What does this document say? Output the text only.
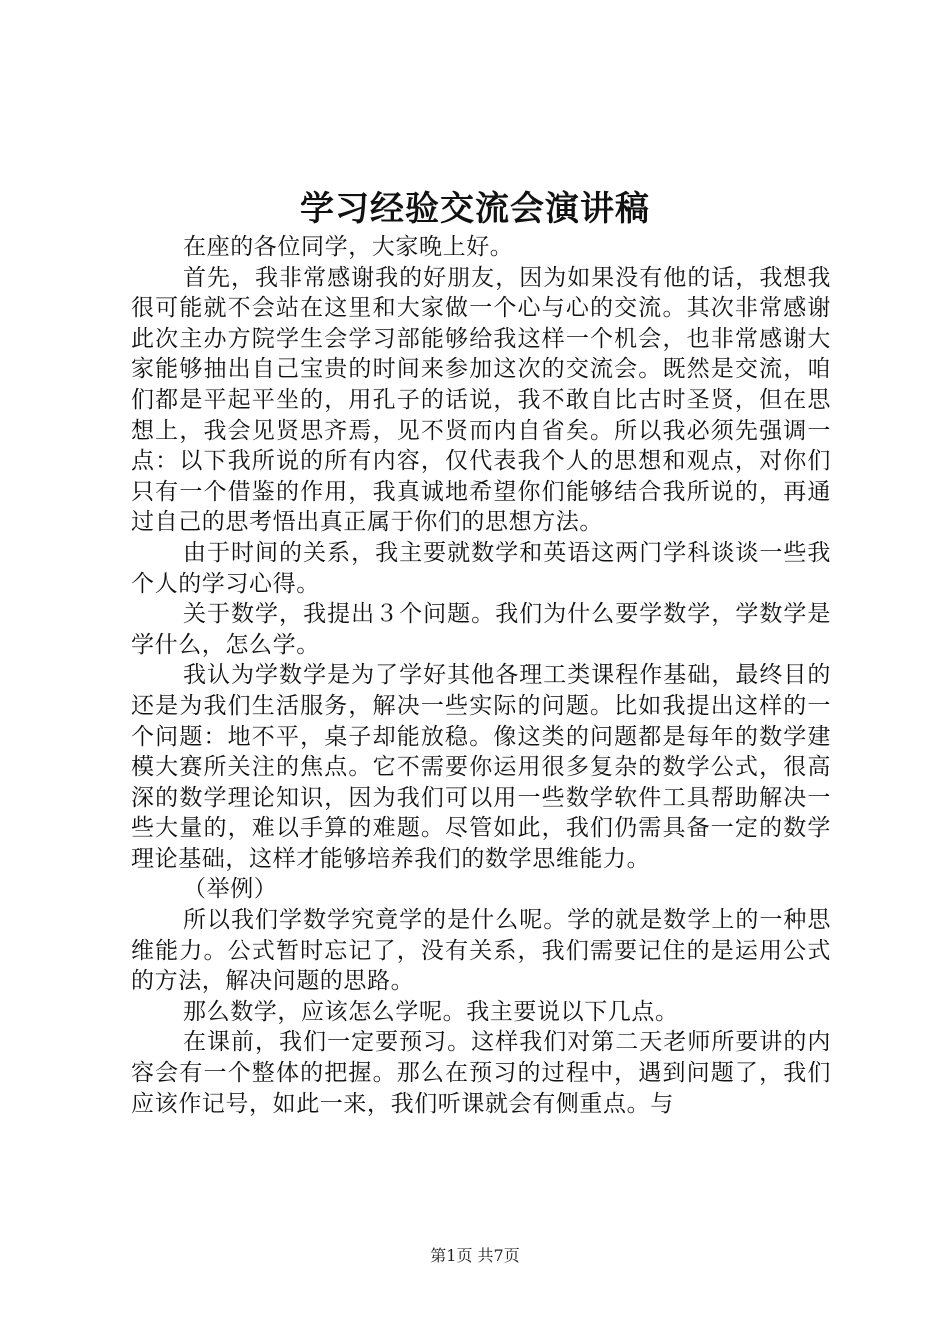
学习经验交流会演讲稿

在座的各位同学，大家晚上好。

首先，我非常感谢我的好朋友，因为如果没有他的话，我想我很可能就不会站在这里和大家做一个心与心的交流。其次非常感谢此次主办方院学生会学习部能够给我这样一个机会，也非常感谢大家能够抽出自己宝贵的时间来参加这次的交流会。既然是交流，咱们都是平起平坐的，用孔子的话说，我不敢自比古时圣贤，但在思想上，我会见贤思齐焉，见不贤而内自省矣。所以我必须先强调一点：以下我所说的所有内容，仅代表我个人的思想和观点，对你们只有一个借鉴的作用，我真诚地希望你们能够结合我所说的，再通过自己的思考悟出真正属于你们的思想方法。

由于时间的关系，我主要就数学和英语这两门学科谈谈一些我个人的学习心得。

关于数学，我提出３个问题。我们为什么要学数学，学数学是学什么，怎么学。

我认为学数学是为了学好其他各理工类课程作基础，最终目的还是为我们生活服务，解决一些实际的问题。比如我提出这样的一个问题：地不平，桌子却能放稳。像这类的问题都是每年的数学建模大赛所关注的焦点。它不需要你运用很多复杂的数学公式，很高深的数学理论知识，因为我们可以用一些数学软件工具帮助解决一些大量的，难以手算的难题。尽管如此，我们仍需具备一定的数学理论基础，这样才能够培养我们的数学思维能力。

（举例）

所以我们学数学究竟学的是什么呢。学的就是数学上的一种思维能力。公式暂时忘记了，没有关系，我们需要记住的是运用公式的方法，解决问题的思路。

那么数学，应该怎么学呢。我主要说以下几点。

在课前，我们一定要预习。这样我们对第二天老师所要讲的内容会有一个整体的把握。那么在预习的过程中，遇到问题了，我们应该作记号，如此一来，我们听课就会有侧重点。与

第1页 共7页
